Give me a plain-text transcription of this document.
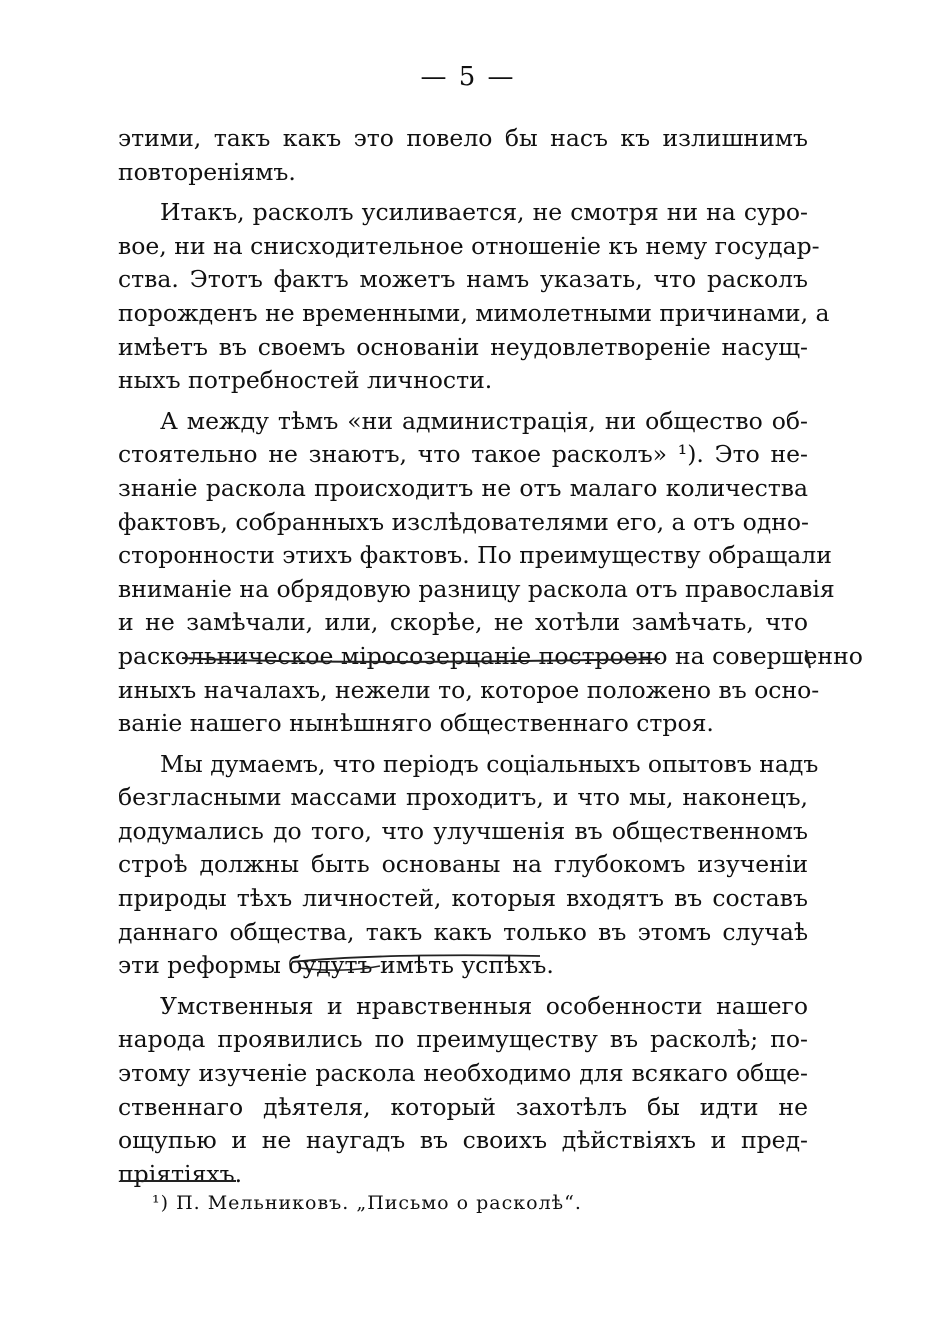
— 5 —
этими, такъ какъ это повело бы насъ къ излишнимъ
повтореніямъ.
Итакъ, расколъ усиливается, не смотря ни на суро-
вое, ни на снисходительное отношеніе къ нему государ-
ства. Этотъ фактъ можетъ намъ указать, что расколъ
порожденъ не временными, мимолетными причинами, а
имѣетъ въ своемъ основаніи неудовлетвореніе насущ-
ныхъ потребностей личности.
А между тѣмъ «ни администрація, ни общество об-
стоятельно не знаютъ, что такое расколъ» ¹). Это не-
знаніе раскола происходитъ не отъ малаго количества
фактовъ, собранныхъ изслѣдователями его, а отъ одно-
сторонности этихъ фактовъ. По преимуществу обращали
вниманіе на обрядовую разницу раскола отъ православія
и не замѣчали, или, скорѣе, не хотѣли замѣчать, что
раскольническое міросозерцаніе построено на совершенно
иныхъ началахъ, нежели то, которое положено въ осно-
ваніе нашего нынѣшняго общественнаго строя.
Мы думаемъ, что періодъ соціальныхъ опытовъ надъ
безгласными массами проходитъ, и что мы, наконецъ,
додумались до того, что улучшенія въ общественномъ
строѣ должны быть основаны на глубокомъ изученіи
природы тѣхъ личностей, которыя входятъ въ составъ
даннаго общества, такъ какъ только въ этомъ случаѣ
эти реформы будутъ имѣть успѣхъ.
Умственныя и нравственныя особенности нашего
народа проявились по преимуществу въ расколѣ; по-
этому изученіе раскола необходимо для всякаго обще-
ственнаго дѣятеля, который захотѣлъ бы идти не
ощупью и не наугадъ въ своихъ дѣйствіяхъ и пред-
пріятіяхъ.
¹) П. Мельниковъ. „Письмо о расколѣ“.
